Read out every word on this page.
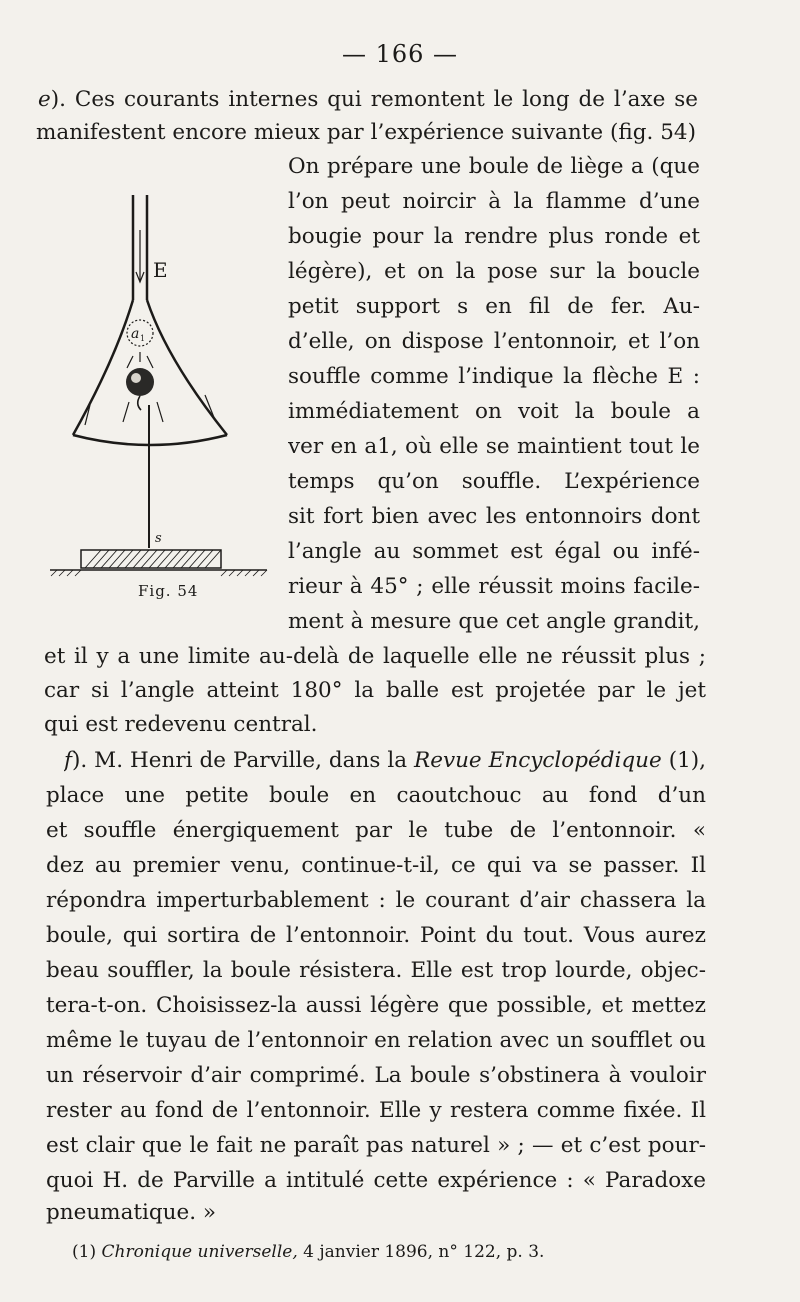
— 166 —
e). Ces courants internes qui remontent le long de l’axe se
manifestent encore mieux par l’expérience suivante (fig. 54)
On prépare une boule de liège a (que
l’on peut noircir à la flamme d’une
bougie pour la rendre plus ronde et
légère), et on la pose sur la boucle
petit support s en fil de fer. Au-
d’elle, on dispose l’entonnoir, et l’on
souffle comme l’indique la flèche E :
immédiatement on voit la boule a
ver en a1, où elle se maintient tout le
temps qu’on souffle. L’expérience
sit fort bien avec les entonnoirs dont
l’angle au sommet est égal ou infé-
rieur à 45° ; elle réussit moins facile-
ment à mesure que cet angle grandit,
et il y a une limite au-delà de laquelle elle ne réussit plus ;
car si l’angle atteint 180° la balle est projetée par le jet
qui est redevenu central.
f). M. Henri de Parville, dans la Revue Encyclopédique (1),
place une petite boule en caoutchouc au fond d’un
et souffle énergiquement par le tube de l’entonnoir. «
dez au premier venu, continue-t-il, ce qui va se passer. Il
répondra imperturbablement : le courant d’air chassera la
boule, qui sortira de l’entonnoir. Point du tout. Vous aurez
beau souffler, la boule résistera. Elle est trop lourde, objec-
tera-t-on. Choisissez-la aussi légère que possible, et mettez
même le tuyau de l’entonnoir en relation avec un soufflet ou
un réservoir d’air comprimé. La boule s’obstinera à vouloir
rester au fond de l’entonnoir. Elle y restera comme fixée. Il
est clair que le fait ne paraît pas naturel » ; — et c’est pour-
quoi H. de Parville a intitulé cette expérience : « Paradoxe
pneumatique. »
(1) Chronique universelle, 4 janvier 1896, n° 122, p. 3.
a 1
s
E
Fig. 54
